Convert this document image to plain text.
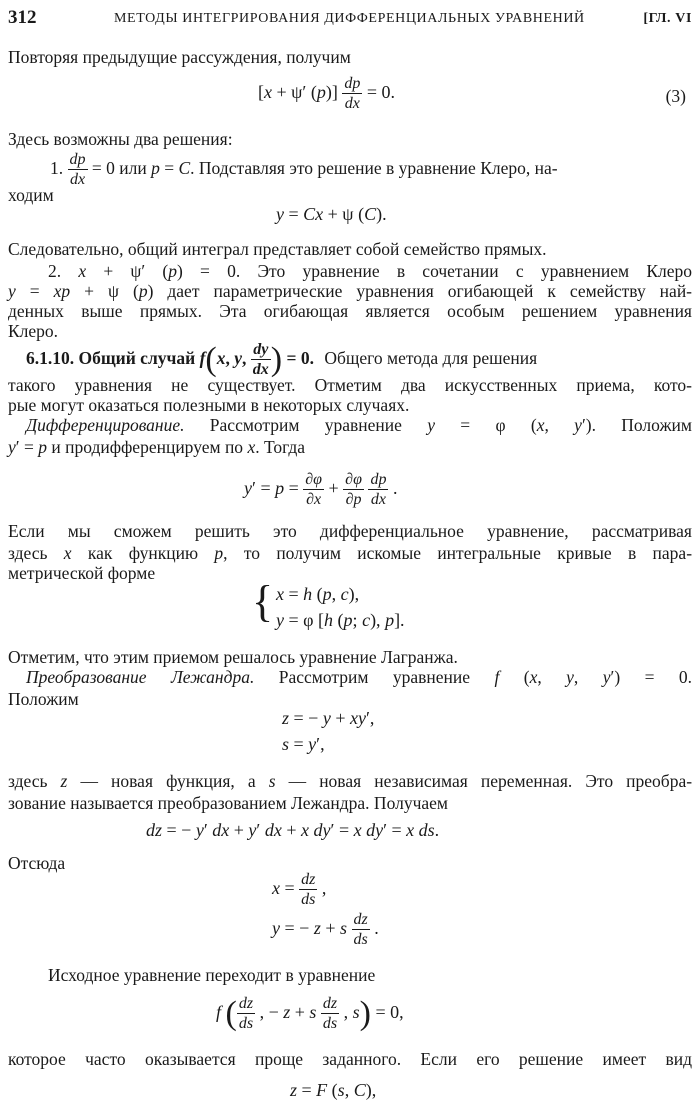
312	МЕТОДЫ ИНТЕГРИРОВАНИЯ ДИФФЕРЕНЦИАЛЬНЫХ УРАВНЕНИЙ	[ГЛ. VI
Повторяя предыдущие рассуждения, получим
[x + ψ′ $(p)] \frac{dp}{dx} = 0$.	(3)
Здесь возможны два решения:
1. $\frac{dp}{dx} = 0$ или p = C. Подставляя это решение в уравнение Клеро, на-
ходим
y = Cx + ψ (C).
Следовательно, общий интеграл представляет собой семейство прямых.
2. x + ψ′ (p) = 0. Это уравнение в сочетании с уравнением Клеро
y = xp + ψ (p) дает параметрические уравнения огибающей к семейству най-
денных выше прямых. Эта огибающая является особым решением уравнения
Клеро.
6.1.10. Общий случай f(x, y, $\frac{dy}{dx}$ ) = 0. Общего метода для решения
такого уравнения не существует. Отметим два искусственных приема, кото-
рые могут оказаться полезными в некоторых случаях.
Дифференцирование. Рассмотрим уравнение y = φ (x, y′). Положим
y′ = p и продифференцируем по x. Тогда
$y' = p = \frac{\partial\varphi}{\partial x} + \frac{\partial\varphi}{\partial p}$
$\frac{dp}{dx}$ .
Если мы сможем решить это дифференциальное уравнение, рассматривая
здесь x как функцию p, то получим искомые интегральные кривые в пара-
метрической форме
{ x = h (p, c),
y = φ [h (p; c), p].
Отметим, что этим приемом решалось уравнение Лагранжа.
Преобразование Лежандра. Рассмотрим уравнение f (x, y, y′) = 0.
Положим
z = − y + xy′,
s = y′,
здесь z — новая функция, а s — новая независимая переменная. Это преобра-
зование называется преобразованием Лежандра. Получаем
dz = − y′ dx + y′ dx + x dy′ = x dy′ = x ds.
Отсюда
$x = \frac{dz}{ds}$ ,
y = − z + s $\frac{dz}{ds}$ .
Исходное уравнение переходит в уравнение
f ( $\frac{dz}{ds}$ , − z + s $\frac{dz}{ds}$ , s) = 0,
которое часто оказывается проще заданного. Если его решение имеет вид
z = F (s, C),
